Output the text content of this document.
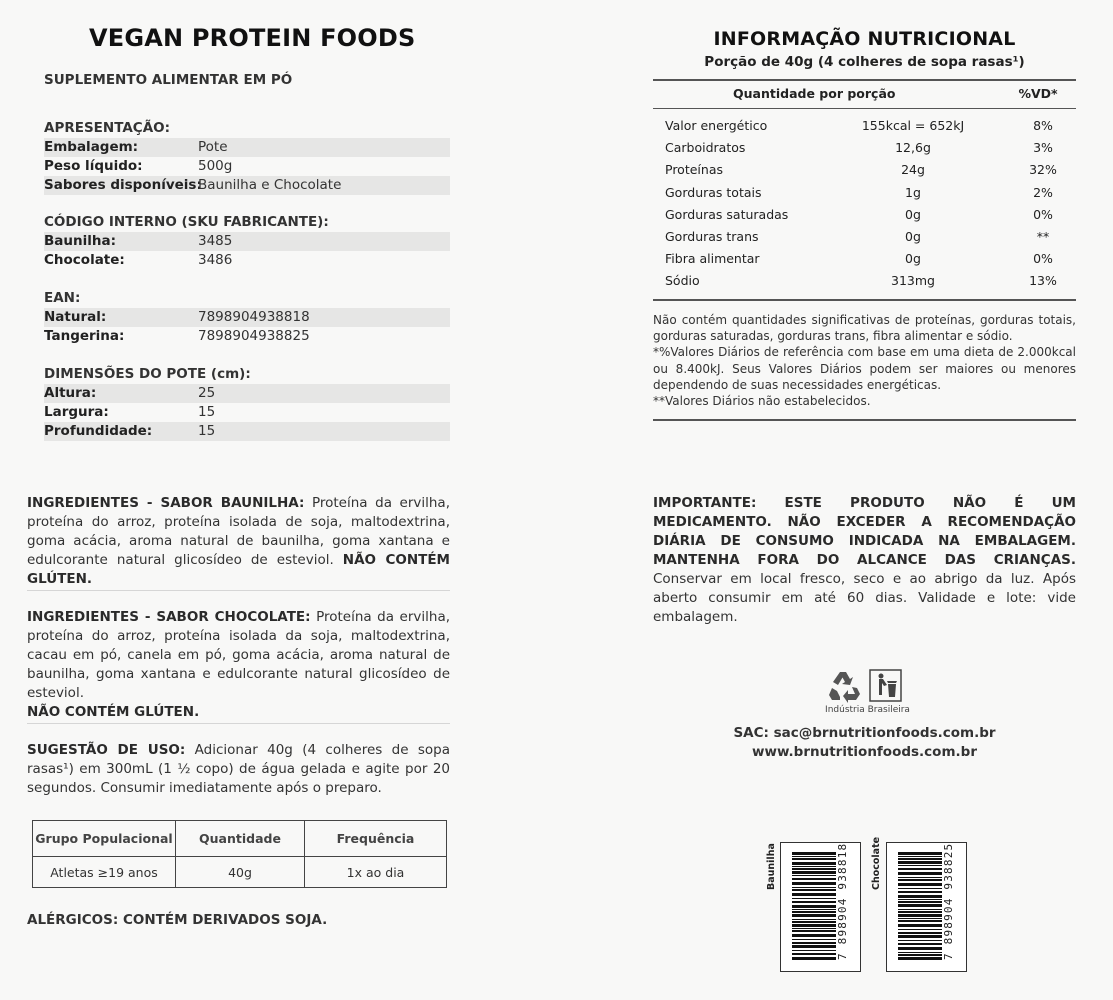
VEGAN PROTEIN FOODS
SUPLEMENTO ALIMENTAR EM PÓ
APRESENTAÇÃO:
Embalagem:	Pote
Peso líquido:	500g
Sabores disponíveis:
Baunilha e Chocolate
CÓDIGO INTERNO (SKU FABRICANTE):
Baunilha:	3485
Chocolate:	3486
EAN:
Natural:	7898904938818
Tangerina:	7898904938825
DIMENSÕES DO POTE (cm):
Altura:	25
Largura:	15
Profundidade:	15
INGREDIENTES - SABOR BAUNILHA: Proteína da ervilha, proteína do arroz, proteína isolada de soja, maltodextrina, goma acácia, aroma natural de baunilha, goma xantana e edulcorante natural glicosídeo de esteviol. NÃO CONTÉM GLÚTEN.
INGREDIENTES - SABOR CHOCOLATE: Proteína da ervilha, proteína do arroz, proteína isolada da soja, maltodextrina, cacau em pó, canela em pó, goma acácia, aroma natural de baunilha, goma xantana e edulcorante natural glicosídeo de esteviol.
NÃO CONTÉM GLÚTEN.
SUGESTÃO DE USO: Adicionar 40g (4 colheres de sopa rasas¹) em 300mL (1 ½ copo) de água gelada e agite por 20 segundos. Consumir imediatamente após o preparo.
Grupo Populacional	Quantidade	Frequência
Atletas ≥19 anos	40g	1x ao dia
ALÉRGICOS: CONTÉM DERIVADOS SOJA.
INFORMAÇÃO NUTRICIONAL
Porção de 40g (4 colheres de sopa rasas¹)
Quantidade por porção	%VD*
Valor energético	155kcal = 652kJ	8%
Carboidratos	12,6g	3%
Proteínas	24g	32%
Gorduras totais	1g	2%
Gorduras saturadas	0g	0%
Gorduras trans	0g	**
Fibra alimentar	0g	0%
Sódio	313mg	13%
Não contém quantidades significativas de proteínas, gorduras totais, gorduras saturadas, gorduras trans, fibra alimentar e sódio.
*%Valores Diários de referência com base em uma dieta de 2.000kcal ou 8.400kJ. Seus Valores Diários podem ser maiores ou menores dependendo de suas necessidades energéticas.
**Valores Diários não estabelecidos.
IMPORTANTE: ESTE PRODUTO NÃO É UM MEDICAMENTO. NÃO EXCEDER A RECOMENDAÇÃO DIÁRIA DE CONSUMO INDICADA NA EMBALAGEM. MANTENHA FORA DO ALCANCE DAS CRIANÇAS. Conservar em local fresco, seco e ao abrigo da luz. Após aberto consumir em até 60 dias. Validade e lote: vide embalagem.
Indústria Brasileira
SAC: sac@brnutritionfoods.com.br
www.brnutritionfoods.com.br
Baunilha	7 898904 938818 Chocolate	7 898904 938825
